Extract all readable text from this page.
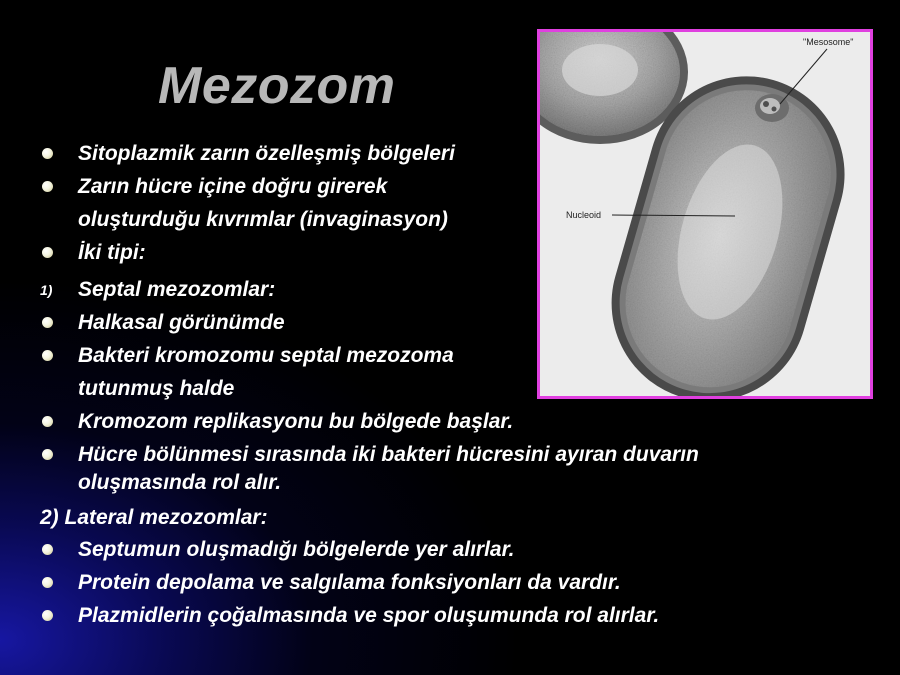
Mezozom
Sitoplazmik zarın özelleşmiş bölgeleri
Zarın hücre içine doğru girerek
oluşturduğu kıvrımlar (invaginasyon)
İki tipi:
1) Septal mezozomlar:
Halkasal görünümde
Bakteri kromozomu septal mezozoma
tutunmuş halde
Kromozom replikasyonu bu bölgede başlar.
Hücre bölünmesi sırasında iki bakteri hücresini ayıran duvarın
oluşmasında rol alır.
2) Lateral mezozomlar:
Septumun oluşmadığı bölgelerde yer alırlar.
Protein depolama ve salgılama fonksiyonları da vardır.
Plazmidlerin çoğalmasında ve spor oluşumunda rol alırlar.
"Mesosome"
Nucleoid
